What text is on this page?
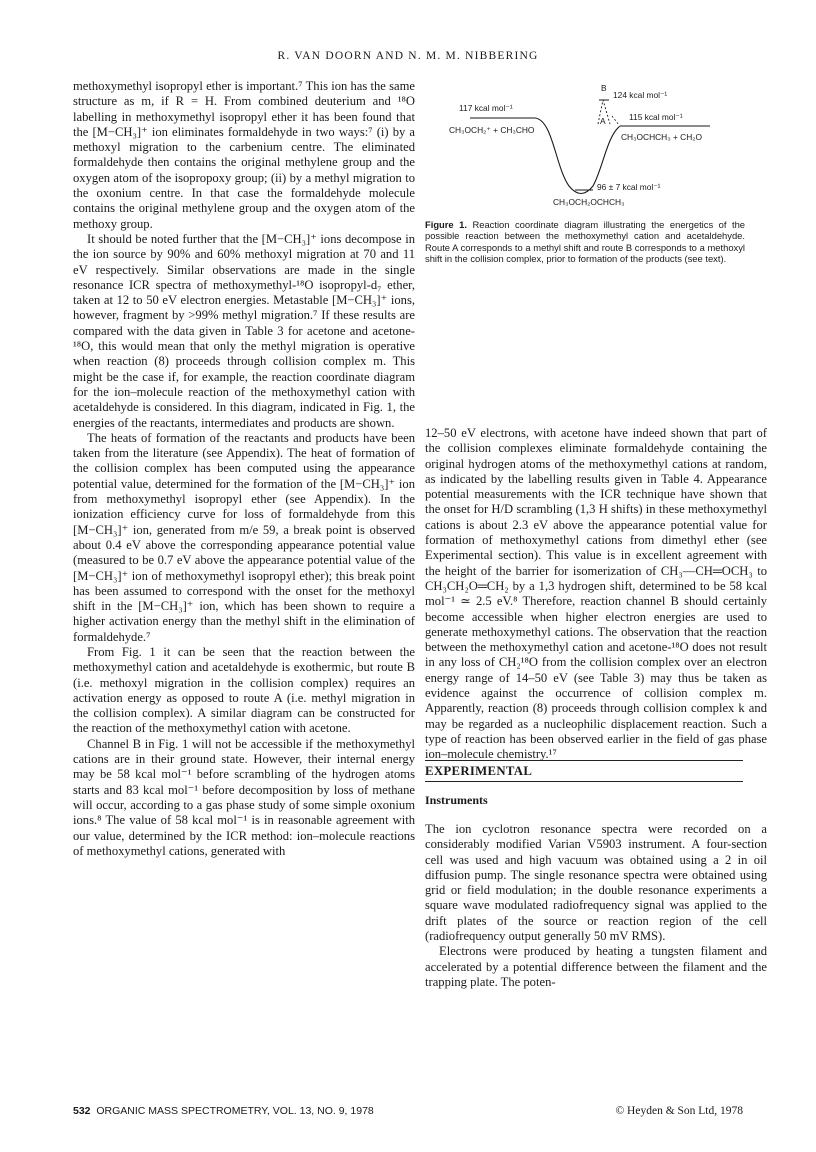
R. VAN DOORN AND N. M. M. NIBBERING

methoxymethyl isopropyl ether is important.⁷ This ion has the same structure as m, if R = H. From combined deuterium and ¹⁸O labelling in methoxymethyl isopropyl ether it has been found that the [M−CH₃]⁺ ion eliminates formaldehyde in two ways:⁷ (i) by a methoxyl migration to the carbenium centre. The eliminated formaldehyde then contains the original methylene group and the oxygen atom of the isopropoxy group; (ii) by a methyl migration to the oxonium centre. In that case the formaldehyde molecule contains the original methylene group and the oxygen atom of the methoxy group.

It should be noted further that the [M−CH₃]⁺ ions decompose in the ion source by 90% and 60% methoxyl migration at 70 and 11 eV respectively. Similar observations are made in the single resonance ICR spectra of methoxymethyl-¹⁸O isopropyl-d₇ ether, taken at 12 to 50 eV electron energies. Metastable [M−CH₃]⁺ ions, however, fragment by >99% methyl migration.⁷ If these results are compared with the data given in Table 3 for acetone and acetone-¹⁸O, this would mean that only the methyl migration is operative when reaction (8) proceeds through collision complex m. This might be the case if, for example, the reaction coordinate diagram for the ion–molecule reaction of the methoxymethyl cation with acetaldehyde is considered. In this diagram, indicated in Fig. 1, the energies of the reactants, intermediates and products are shown.

The heats of formation of the reactants and products have been taken from the literature (see Appendix). The heat of formation of the collision complex has been computed using the appearance potential value, determined for the formation of the [M−CH₃]⁺ ion from methoxymethyl isopropyl ether (see Appendix). In the ionization efficiency curve for loss of formaldehyde from this [M−CH₃]⁺ ion, generated from m/e 59, a break point is observed about 0.4 eV above the corresponding appearance potential value (measured to be 0.7 eV above the appearance potential value of the [M−CH₃]⁺ ion of methoxymethyl isopropyl ether); this break point has been assumed to correspond with the onset for the methoxyl shift in the [M−CH₃]⁺ ion, which has been shown to require a higher activation energy than the methyl shift in the elimination of formaldehyde.⁷

From Fig. 1 it can be seen that the reaction between the methoxymethyl cation and acetaldehyde is exothermic, but route B (i.e. methoxyl migration in the collision complex) requires an activation energy as opposed to route A (i.e. methyl migration in the collision complex). A similar diagram can be constructed for the reaction of the methoxymethyl cation with acetone.

Channel B in Fig. 1 will not be accessible if the methoxymethyl cations are in their ground state. However, their internal energy may be 58 kcal mol⁻¹ before scrambling of the hydrogen atoms starts and 83 kcal mol⁻¹ before decomposition by loss of methane will occur, according to a gas phase study of some simple oxonium ions.⁸ The value of 58 kcal mol⁻¹ is in reasonable agreement with our value, determined by the ICR method: ion–molecule reactions of methoxymethyl cations, generated with

B
124 kcal mol⁻¹
A
117 kcal mol⁻¹
CH₃OCH₂⁺ + CH₃CHO
115 kcal mol⁻¹
CH₃OCHCH₃ + CH₂O
96 ± 7 kcal mol⁻¹
CH₃OCH₂OCHCH₃
Figure 1. Reaction coordinate diagram illustrating the energetics of the possible reaction between the methoxymethyl cation and acetaldehyde. Route A corresponds to a methyl shift and route B corresponds to a methoxyl shift in the collision complex, prior to formation of the products (see text).

12–50 eV electrons, with acetone have indeed shown that part of the collision complexes eliminate formaldehyde containing the original hydrogen atoms of the methoxymethyl cations at random, as indicated by the labelling results given in Table 4. Appearance potential measurements with the ICR technique have shown that the onset for H/D scrambling (1,3 H shifts) in these methoxymethyl cations is about 2.3 eV above the appearance potential value for formation of methoxymethyl cations from dimethyl ether (see Experimental section). This value is in excellent agreement with the height of the barrier for isomerization of CH₃—CH═OCH₃ to CH₃CH₂O═CH₂ by a 1,3 hydrogen shift, determined to be 58 kcal mol⁻¹ ≃ 2.5 eV.⁸ Therefore, reaction channel B should certainly become accessible when higher electron energies are used to generate methoxymethyl cations. The observation that the reaction between the methoxymethyl cation and acetone-¹⁸O does not result in any loss of CH₂¹⁸O from the collision complex over an electron energy range of 14–50 eV (see Table 3) may thus be taken as evidence against the occurrence of collision complex m. Apparently, reaction (8) proceeds through collision complex k and may be regarded as a nucleophilic displacement reaction. Such a type of reaction has been observed earlier in the field of gas phase ion–molecule chemistry.¹⁷

EXPERIMENTAL
Instruments

The ion cyclotron resonance spectra were recorded on a considerably modified Varian V5903 instrument. A four-section cell was used and high vacuum was obtained using a 2 in oil diffusion pump. The single resonance spectra were obtained using grid or field modulation; in the double resonance experiments a square wave modulated radiofrequency signal was applied to the drift plates of the source or reaction region of the cell (radiofrequency output generally 50 mV RMS).

Electrons were produced by heating a tungsten filament and accelerated by a potential difference between the filament and the trapping plate. The poten-

532 ORGANIC MASS SPECTROMETRY, VOL. 13, NO. 9, 1978	© Heyden & Son Ltd, 1978
